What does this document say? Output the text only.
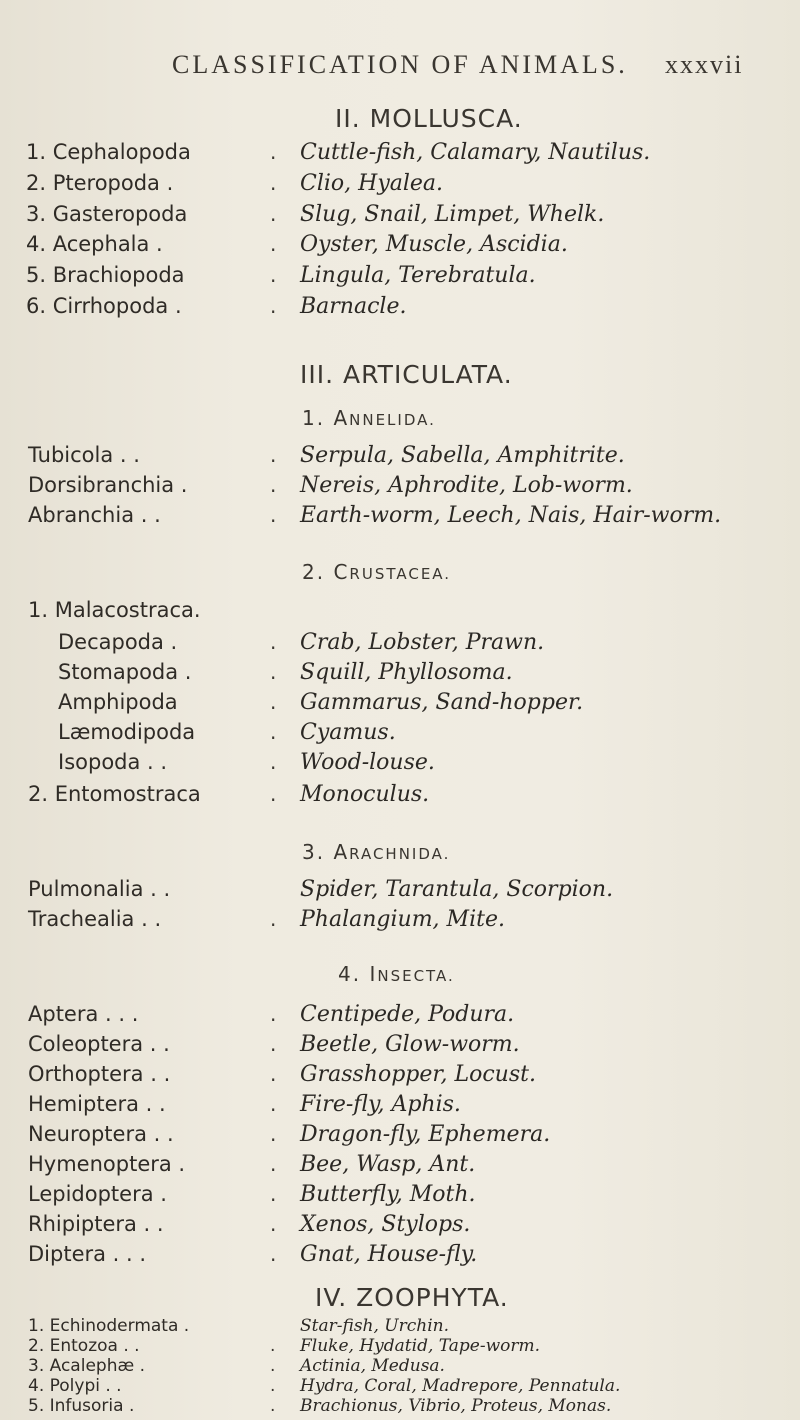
CLASSIFICATION OF ANIMALS. xxxvii
II. MOLLUSCA.
1. Cephalopoda	. Cuttle-fish, Calamary, Nautilus.
2. Pteropoda .	. Clio, Hyalea.
3. Gasteropoda	. Slug, Snail, Limpet, Whelk.
4. Acephala .	. Oyster, Muscle, Ascidia.
5. Brachiopoda	. Lingula, Terebratula.
6. Cirrhopoda .	. Barnacle.
III. ARTICULATA.
1. ANNELIDA.
Tubicola . .	. Serpula, Sabella, Amphitrite.
Dorsibranchia .	. Nereis, Aphrodite, Lob-worm.
Abranchia . .	. Earth-worm, Leech, Nais, Hair-worm.
2. CRUSTACEA.
1. Malacostraca.
Decapoda .	. Crab, Lobster, Prawn.
Stomapoda .	. Squill, Phyllosoma.
Amphipoda	. Gammarus, Sand-hopper.
Læmodipoda	. Cyamus.
Isopoda . .	. Wood-louse.
2. Entomostraca	. Monoculus.
3. ARACHNIDA.
Pulmonalia . .	Spider, Tarantula, Scorpion.
Trachealia . .	. Phalangium, Mite.
4. INSECTA.
Aptera . . .	. Centipede, Podura.
Coleoptera . .	. Beetle, Glow-worm.
Orthoptera . .	. Grasshopper, Locust.
Hemiptera . .	. Fire-fly, Aphis.
Neuroptera . .	. Dragon-fly, Ephemera.
Hymenoptera .	. Bee, Wasp, Ant.
Lepidoptera .	. Butterfly, Moth.
Rhipiptera . .	. Xenos, Stylops.
Diptera . . .	. Gnat, House-fly.
IV. ZOOPHYTA.
1. Echinodermata .	Star-fish, Urchin.
2. Entozoa . .	. Fluke, Hydatid, Tape-worm.
3. Acalephæ .	. Actinia, Medusa.
4. Polypi . .	. Hydra, Coral, Madrepore, Pennatula.
5. Infusoria .	. Brachionus, Vibrio, Proteus, Monas.
